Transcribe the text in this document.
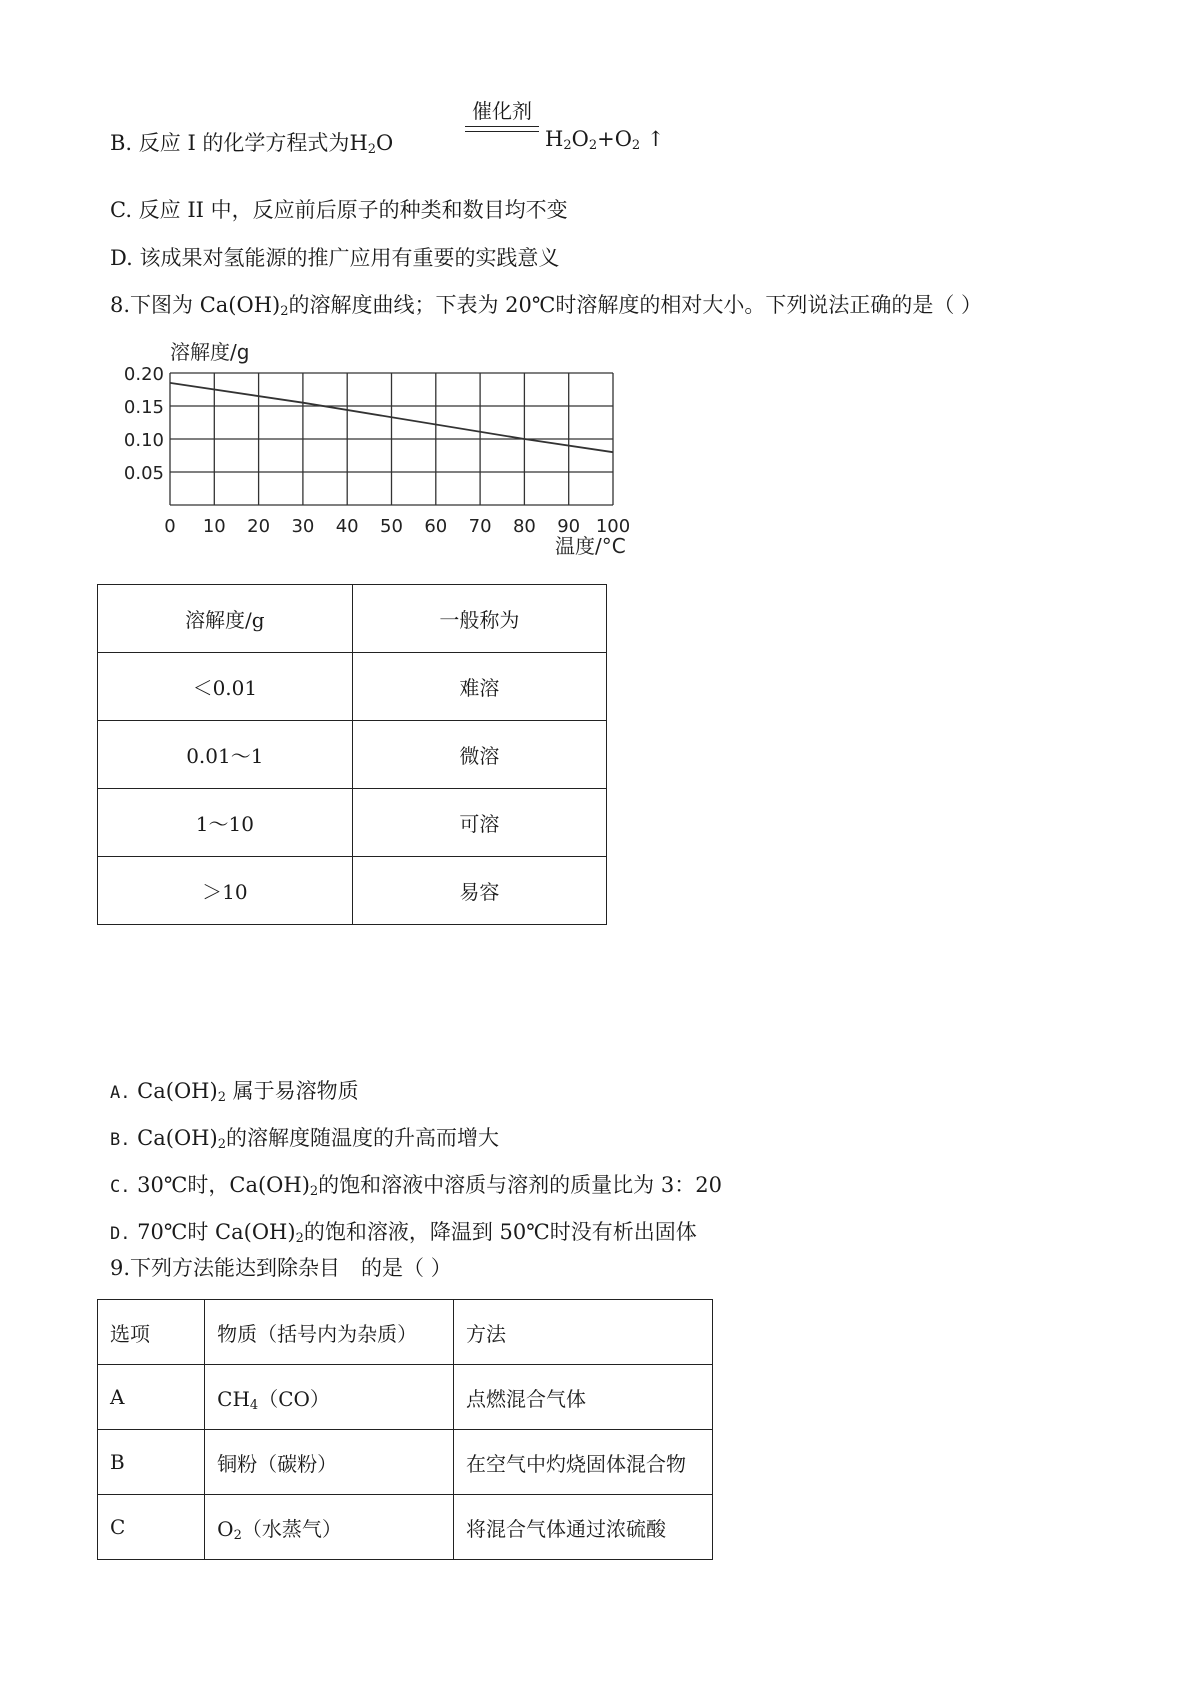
B. 反应 I 的化学方程式为$H_2O$
催化剂
$H_2O_2+O_2$ ↑
C. 反应 II 中，反应前后原子的种类和数目均不变
D. 该成果对氢能源的推广应用有重要的实践意义
8.下图为 $Ca(OH)_2$的溶解度曲线；下表为 20℃时溶解度的相对大小。下列说法正确的是（ ）
溶解度/g
0.20
0.15
0.10
0.05
0 10 20 30 40 50 60 70 80 90 100
温度/°C
溶解度/g	一般称为
＜0.01	难溶
0.01～1	微溶
1～10	可溶
＞10	易容
A. $Ca(OH)_2$ 属于易溶物质
B. $Ca(OH)_2$的溶解度随温度的升高而增大
C. 30℃时，$Ca(OH)_2$的饱和溶液中溶质与溶剂的质量比为 3：20
D. 70℃时 $Ca(OH)_2$的饱和溶液，降温到 50℃时没有析出固体
9.下列方法能达到除杂目　的是（ ）
选项	物质（括号内为杂质）	方法
A	$CH_4(CO)$	点燃混合气体
B	铜粉（碳粉）	在空气中灼烧固体混合物
C	$O_2$（水蒸气）	将混合气体通过浓硫酸
